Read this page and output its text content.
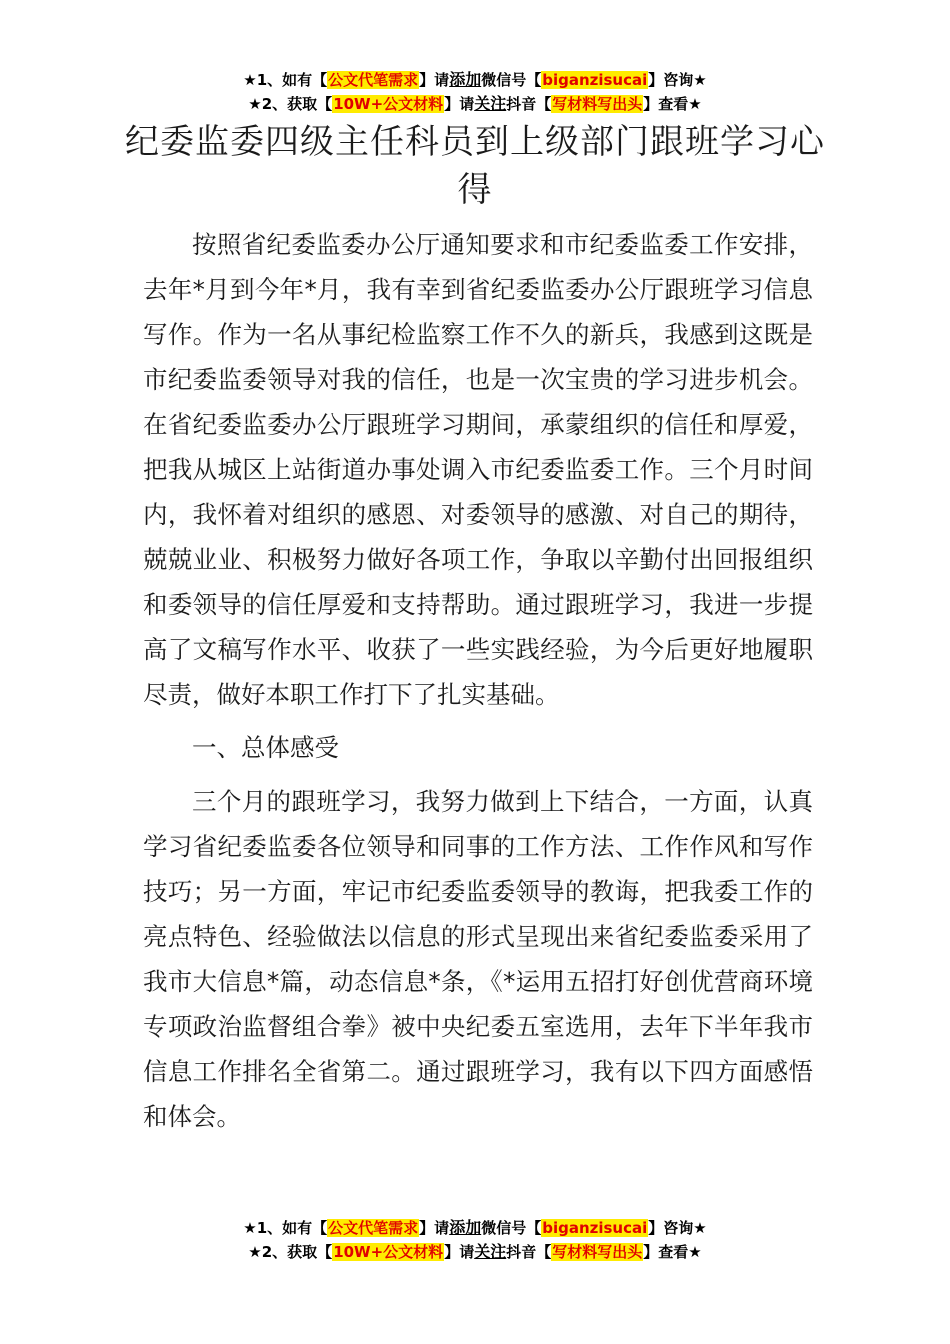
★1、如有【公文代笔需求】请添加微信号【biganzisucai】咨询★
★2、获取【10W+公文材料】请关注抖音【写材料写出头】查看★
纪委监委四级主任科员到上级部门跟班学习心得

按照省纪委监委办公厅通知要求和市纪委监委工作安排，去年*月到今年*月，我有幸到省纪委监委办公厅跟班学习信息写作。作为一名从事纪检监察工作不久的新兵，我感到这既是市纪委监委领导对我的信任，也是一次宝贵的学习进步机会。在省纪委监委办公厅跟班学习期间，承蒙组织的信任和厚爱，把我从城区上站街道办事处调入市纪委监委工作。三个月时间内，我怀着对组织的感恩、对委领导的感激、对自己的期待，兢兢业业、积极努力做好各项工作，争取以辛勤付出回报组织和委领导的信任厚爱和支持帮助。通过跟班学习，我进一步提高了文稿写作水平、收获了一些实践经验，为今后更好地履职尽责，做好本职工作打下了扎实基础。

一、总体感受

三个月的跟班学习，我努力做到上下结合，一方面，认真学习省纪委监委各位领导和同事的工作方法、工作作风和写作技巧；另一方面，牢记市纪委监委领导的教诲，把我委工作的亮点特色、经验做法以信息的形式呈现出来省纪委监委采用了我市大信息*篇，动态信息*条，《*运用五招打好创优营商环境专项政治监督组合拳》被中央纪委五室选用，去年下半年我市信息工作排名全省第二。通过跟班学习，我有以下四方面感悟和体会。

★1、如有【公文代笔需求】请添加微信号【biganzisucai】咨询★
★2、获取【10W+公文材料】请关注抖音【写材料写出头】查看★
